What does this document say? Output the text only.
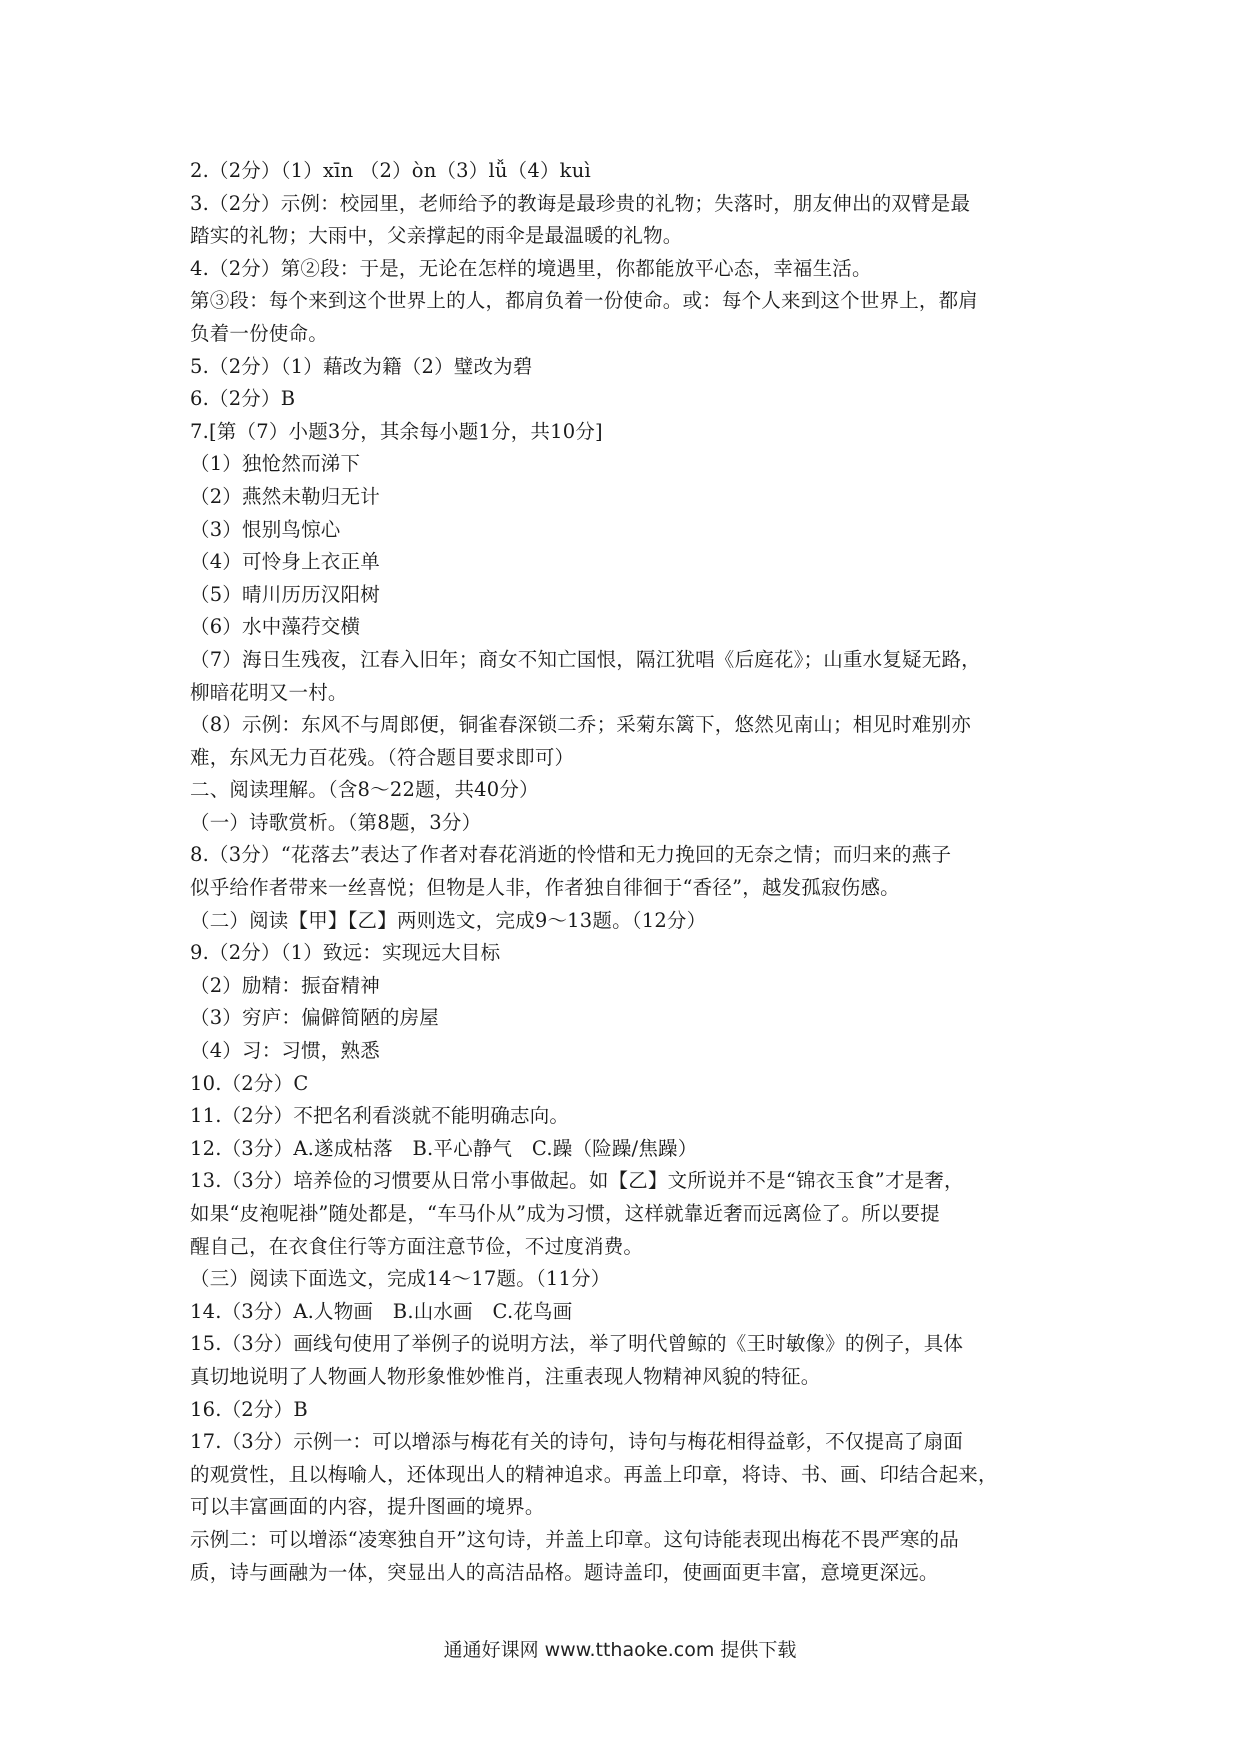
2.（2分）（1）xīn （2）òn（3）lǚ（4）kuì
3.（2分）示例：校园里，老师给予的教诲是最珍贵的礼物；失落时，朋友伸出的双臂是最
踏实的礼物；大雨中，父亲撑起的雨伞是最温暖的礼物。
4.（2分）第②段：于是，无论在怎样的境遇里，你都能放平心态，幸福生活。
第③段：每个来到这个世界上的人，都肩负着一份使命。或：每个人来到这个世界上，都肩
负着一份使命。
5.（2分）（1）藉改为籍（2）璧改为碧
6.（2分）B
7.[第（7）小题3分，其余每小题1分，共10分]
（1）独怆然而涕下
（2）燕然未勒归无计
（3）恨别鸟惊心
（4）可怜身上衣正单
（5）晴川历历汉阳树
（6）水中藻荇交横
（7）海日生残夜，江春入旧年；商女不知亡国恨，隔江犹唱《后庭花》；山重水复疑无路，
柳暗花明又一村。
（8）示例：东风不与周郎便，铜雀春深锁二乔；采菊东篱下，悠然见南山；相见时难别亦
难，东风无力百花残。（符合题目要求即可）
二、阅读理解。（含8～22题，共40分）
（一）诗歌赏析。（第8题，3分）
8.（3分）“花落去”表达了作者对春花消逝的怜惜和无力挽回的无奈之情；而归来的燕子
似乎给作者带来一丝喜悦；但物是人非，作者独自徘徊于“香径”，越发孤寂伤感。
（二）阅读【甲】【乙】两则选文，完成9～13题。（12分）
9.（2分）（1）致远：实现远大目标
（2）励精：振奋精神
（3）穷庐：偏僻简陋的房屋
（4）习：习惯，熟悉
10.（2分）C
11.（2分）不把名利看淡就不能明确志向。
12.（3分）A.遂成枯落　B.平心静气　C.躁（险躁/焦躁）
13.（3分）培养俭的习惯要从日常小事做起。如【乙】文所说并不是“锦衣玉食”才是奢，
如果“皮袍呢褂”随处都是，“车马仆从”成为习惯，这样就靠近奢而远离俭了。所以要提
醒自己，在衣食住行等方面注意节俭，不过度消费。
（三）阅读下面选文，完成14～17题。（11分）
14.（3分）A.人物画　B.山水画　C.花鸟画
15.（3分）画线句使用了举例子的说明方法，举了明代曾鲸的《王时敏像》的例子，具体
真切地说明了人物画人物形象惟妙惟肖，注重表现人物精神风貌的特征。
16.（2分）B
17.（3分）示例一：可以增添与梅花有关的诗句，诗句与梅花相得益彰，不仅提高了扇面
的观赏性，且以梅喻人，还体现出人的精神追求。再盖上印章，将诗、书、画、印结合起来，
可以丰富画面的内容，提升图画的境界。
示例二：可以增添“凌寒独自开”这句诗，并盖上印章。这句诗能表现出梅花不畏严寒的品
质，诗与画融为一体，突显出人的高洁品格。题诗盖印，使画面更丰富，意境更深远。
通通好课网 www.tthaoke.com 提供下载
